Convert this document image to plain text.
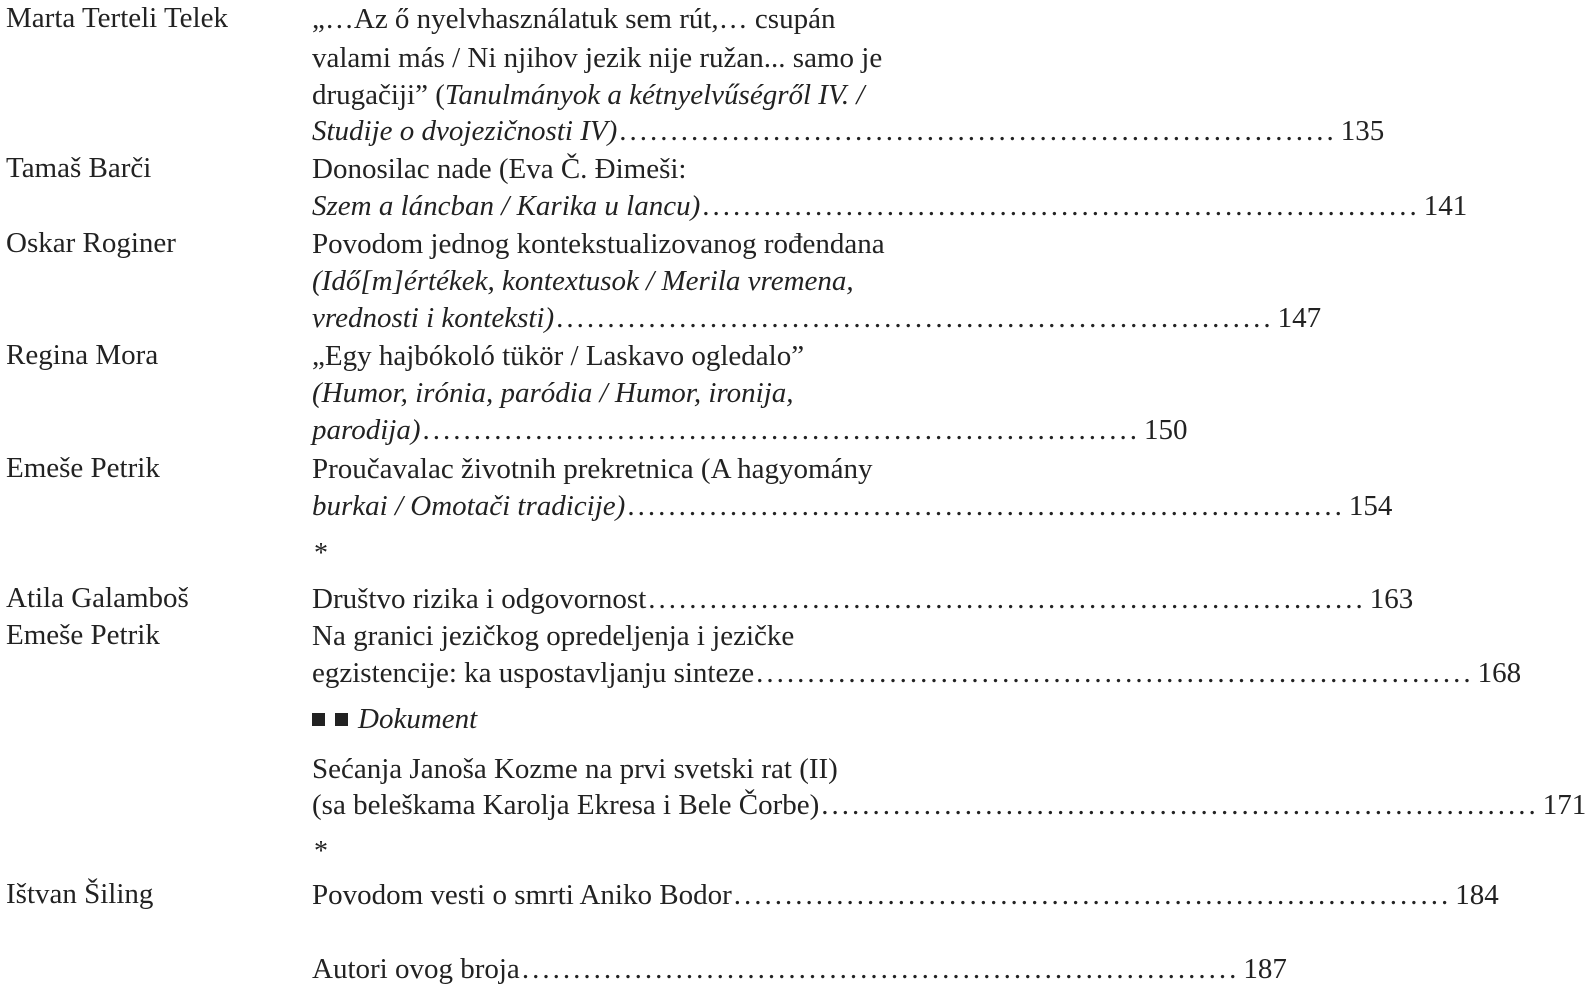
Marta Terteli Telek	„…Az ő nyelvhasználatuk sem rút,… csupán
valami más / Ni njihov jezik nije ružan... samo je
drugačiji” (Tanulmányok a kétnyelvűségről IV. /
Studije o dvojezičnosti IV) ...................................................................... 135
Tamaš Barči	Donosilac nade (Eva Č. Đimeši:
Szem a láncban / Karika u lancu) ...................................................................... 141
Oskar Roginer	Povodom jednog kontekstualizovanog rođendana
(Idő[m]értékek, kontextusok / Merila vremena,
vrednosti i konteksti) ...................................................................... 147
Regina Mora	„Egy hajbókoló tükör / Laskavo ogledalo”
(Humor, irónia, paródia / Humor, ironija,
parodija) ...................................................................... 150
Emeše Petrik	Proučavalac životnih prekretnica (A hagyomány
burkai / Omotači tradicije) ...................................................................... 154
*
Atila Galamboš	Društvo rizika i odgovornost ...................................................................... 163
Emeše Petrik	Na granici jezičkog opredeljenja i jezičke
egzistencije: ka uspostavljanju sinteze ...................................................................... 168
Dokument
Sećanja Janoša Kozme na prvi svetski rat (II)
(sa beleškama Karolja Ekresa i Bele Čorbe) ...................................................................... 171
*
Ištvan Šiling	Povodom vesti o smrti Aniko Bodor ...................................................................... 184
Autori ovog broja ...................................................................... 187
